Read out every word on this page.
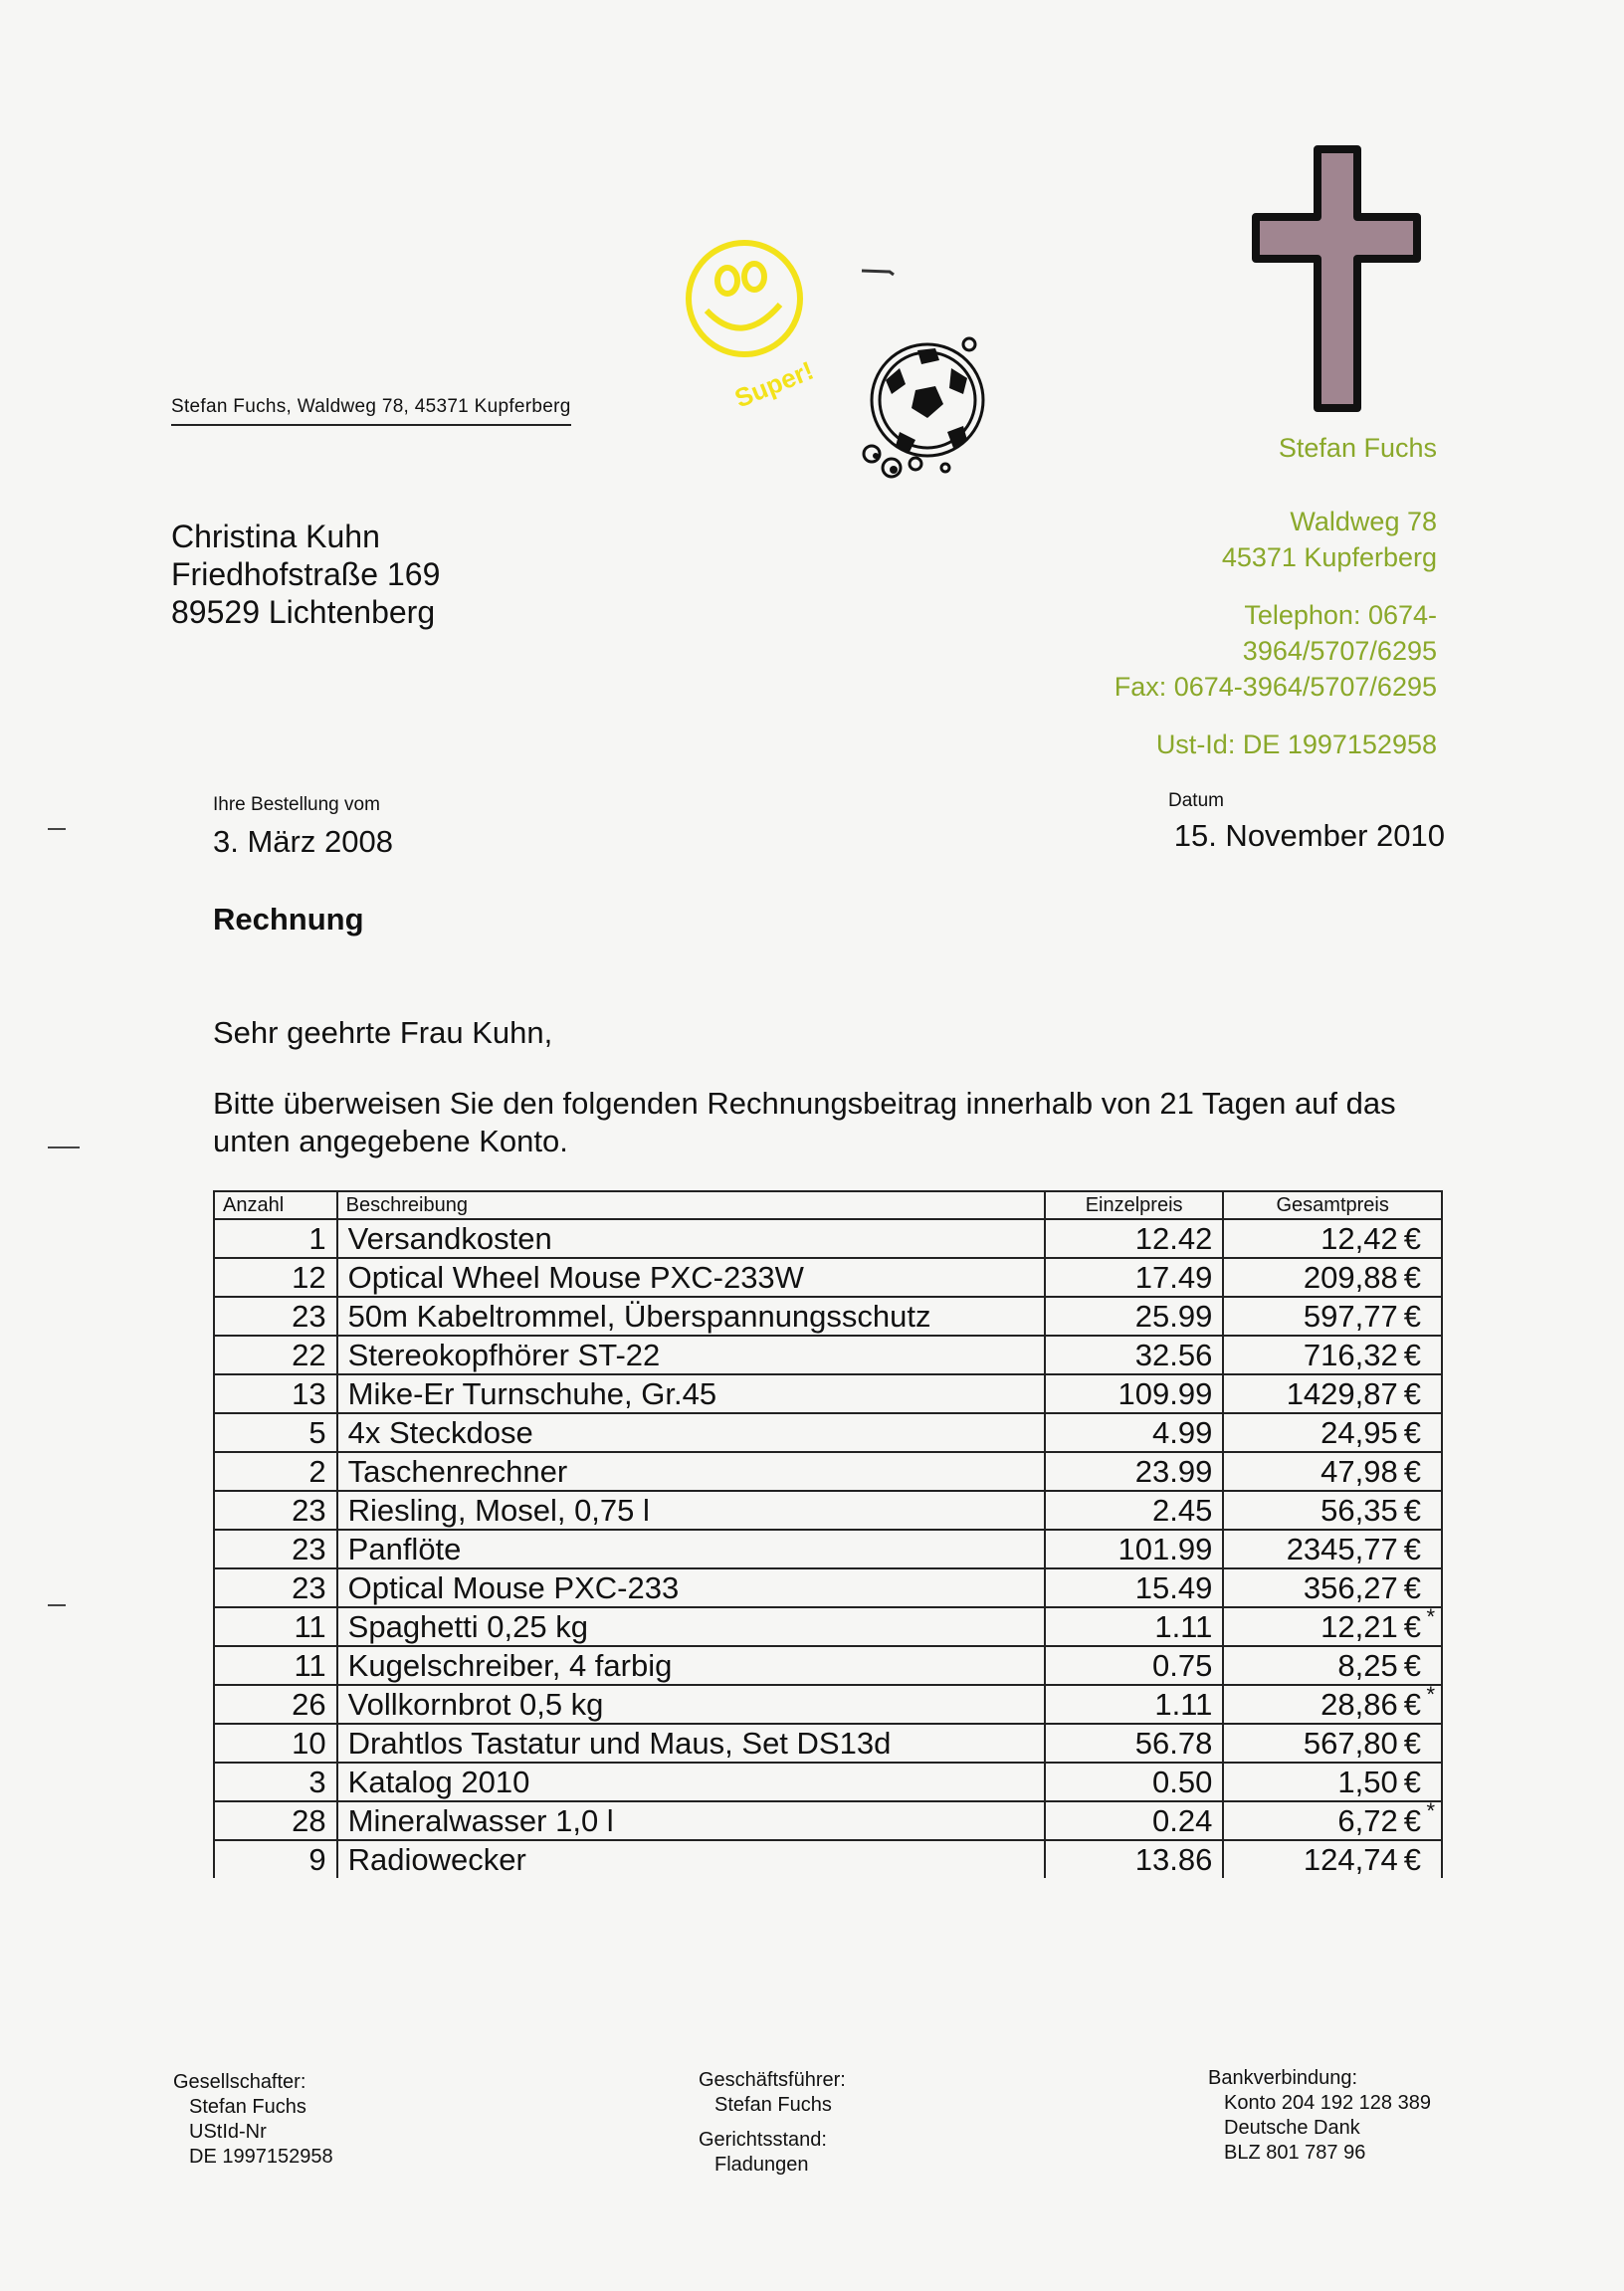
Stefan Fuchs, Waldweg 78, 45371 Kupferberg	Super!
Stefan Fuchs
Waldweg 78
45371 Kupferberg
Telephon: 0674-
3964/5707/6295
Fax: 0674-3964/5707/6295
Ust-Id: DE 1997152958
Christina Kuhn
Friedhofstraße 169
89529 Lichtenberg
Ihre Bestellung vom
3. März 2008
Datum
15. November 2010
Rechnung
Sehr geehrte Frau Kuhn,
Bitte überweisen Sie den folgenden Rechnungsbeitrag innerhalb von 21 Tagen auf das unten angegebene Konto.
Anzahl	Beschreibung	Einzelpreis	Gesamtpreis
1	Versandkosten	12.42	12,42 €

12	Optical Wheel Mouse PXC-233W	17.49	209,88 €

23	50m Kabeltrommel, Überspannungsschutz	25.99	597,77 €

22	Stereokopfhörer ST-22	32.56	716,32 €

13	Mike-Er Turnschuhe, Gr.45	109.99	1429,87 €

5	4x Steckdose	4.99	24,95 €

2	Taschenrechner	23.99	47,98 €

23	Riesling, Mosel, 0,75 l	2.45	56,35 €

23	Panflöte	101.99	2345,77 €

23	Optical Mouse PXC-233	15.49	356,27 €

11	Spaghetti 0,25 kg	1.11	12,21 € *

11	Kugelschreiber, 4 farbig	0.75	8,25 €

26	Vollkornbrot 0,5 kg	1.11	28,86 € *

10	Drahtlos Tastatur und Maus, Set DS13d	56.78	567,80 €

3	Katalog 2010	0.50	1,50 €

28	Mineralwasser 1,0 l	0.24	6,72 € *

9	Radiowecker	13.86	124,74 €
Gesellschafter:
Stefan Fuchs
UStId-Nr
DE 1997152958
Geschäftsführer:
Stefan Fuchs
Gerichtsstand:
Fladungen
Bankverbindung:
Konto 204 192 128 389
Deutsche Dank
BLZ 801 787 96
